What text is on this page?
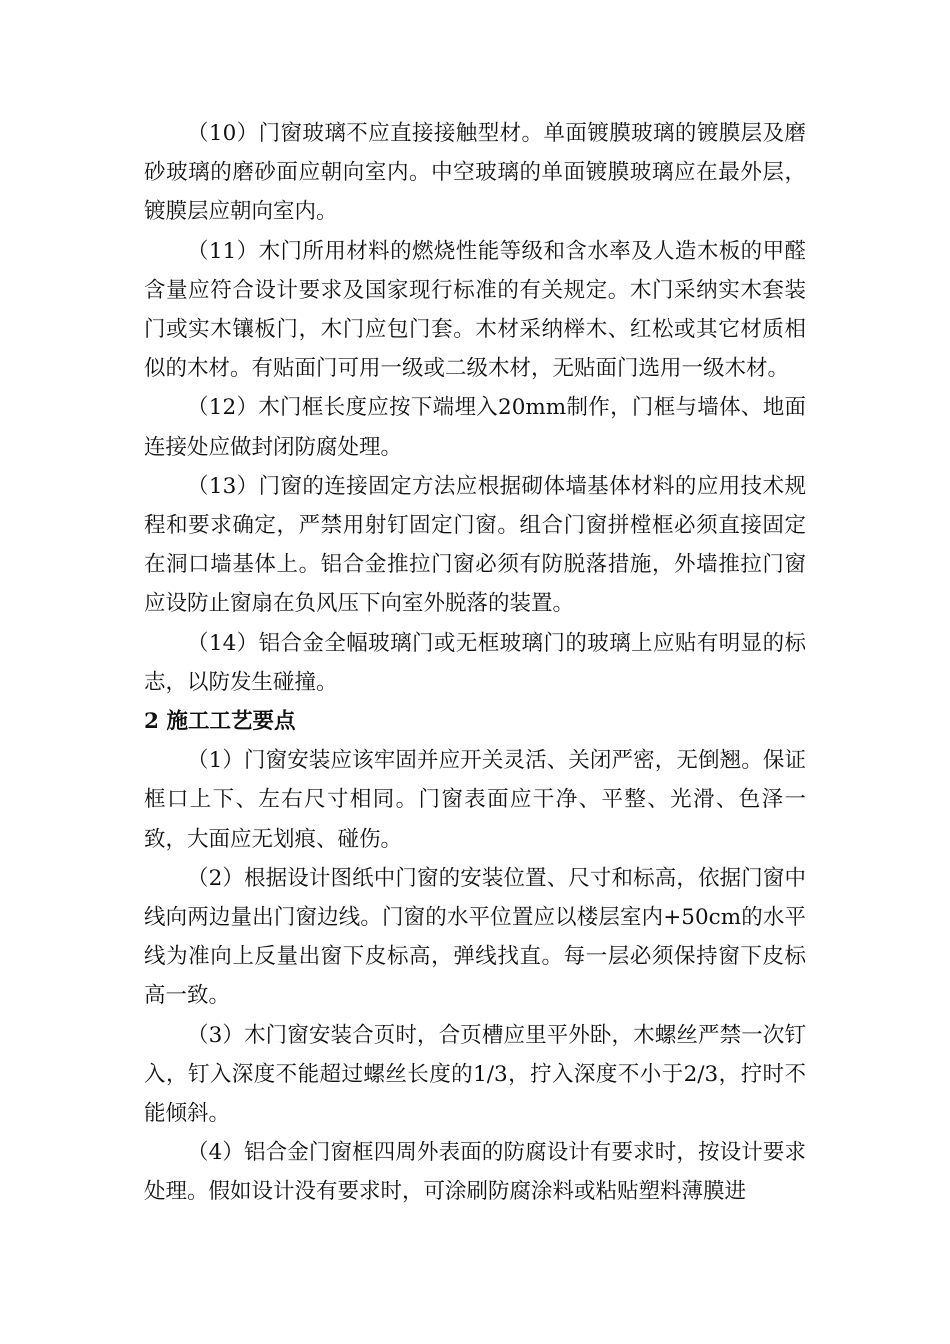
（10）门窗玻璃不应直接接触型材。单面镀膜玻璃的镀膜层及磨砂玻璃的磨砂面应朝向室内。中空玻璃的单面镀膜玻璃应在最外层，镀膜层应朝向室内。

（11）木门所用材料的燃烧性能等级和含水率及人造木板的甲醛含量应符合设计要求及国家现行标准的有关规定。木门采纳实木套装门或实木镶板门，木门应包门套。木材采纳榉木、红松或其它材质相似的木材。有贴面门可用一级或二级木材，无贴面门选用一级木材。

（12）木门框长度应按下端埋入20mm制作，门框与墙体、地面连接处应做封闭防腐处理。

（13）门窗的连接固定方法应根据砌体墙基体材料的应用技术规程和要求确定，严禁用射钉固定门窗。组合门窗拼樘框必须直接固定在洞口墙基体上。铝合金推拉门窗必须有防脱落措施，外墙推拉门窗应设防止窗扇在负风压下向室外脱落的装置。

（14）铝合金全幅玻璃门或无框玻璃门的玻璃上应贴有明显的标志，以防发生碰撞。

2 施工工艺要点

（1）门窗安装应该牢固并应开关灵活、关闭严密，无倒翘。保证框口上下、左右尺寸相同。门窗表面应干净、平整、光滑、色泽一致，大面应无划痕、碰伤。

（2）根据设计图纸中门窗的安装位置、尺寸和标高，依据门窗中线向两边量出门窗边线。门窗的水平位置应以楼层室内+50cm的水平线为准向上反量出窗下皮标高，弹线找直。每一层必须保持窗下皮标高一致。

（3）木门窗安装合页时，合页槽应里平外卧，木螺丝严禁一次钉入，钉入深度不能超过螺丝长度的1/3，拧入深度不小于2/3，拧时不能倾斜。

（4）铝合金门窗框四周外表面的防腐设计有要求时，按设计要求处理。假如设计没有要求时，可涂刷防腐涂料或粘贴塑料薄膜进
